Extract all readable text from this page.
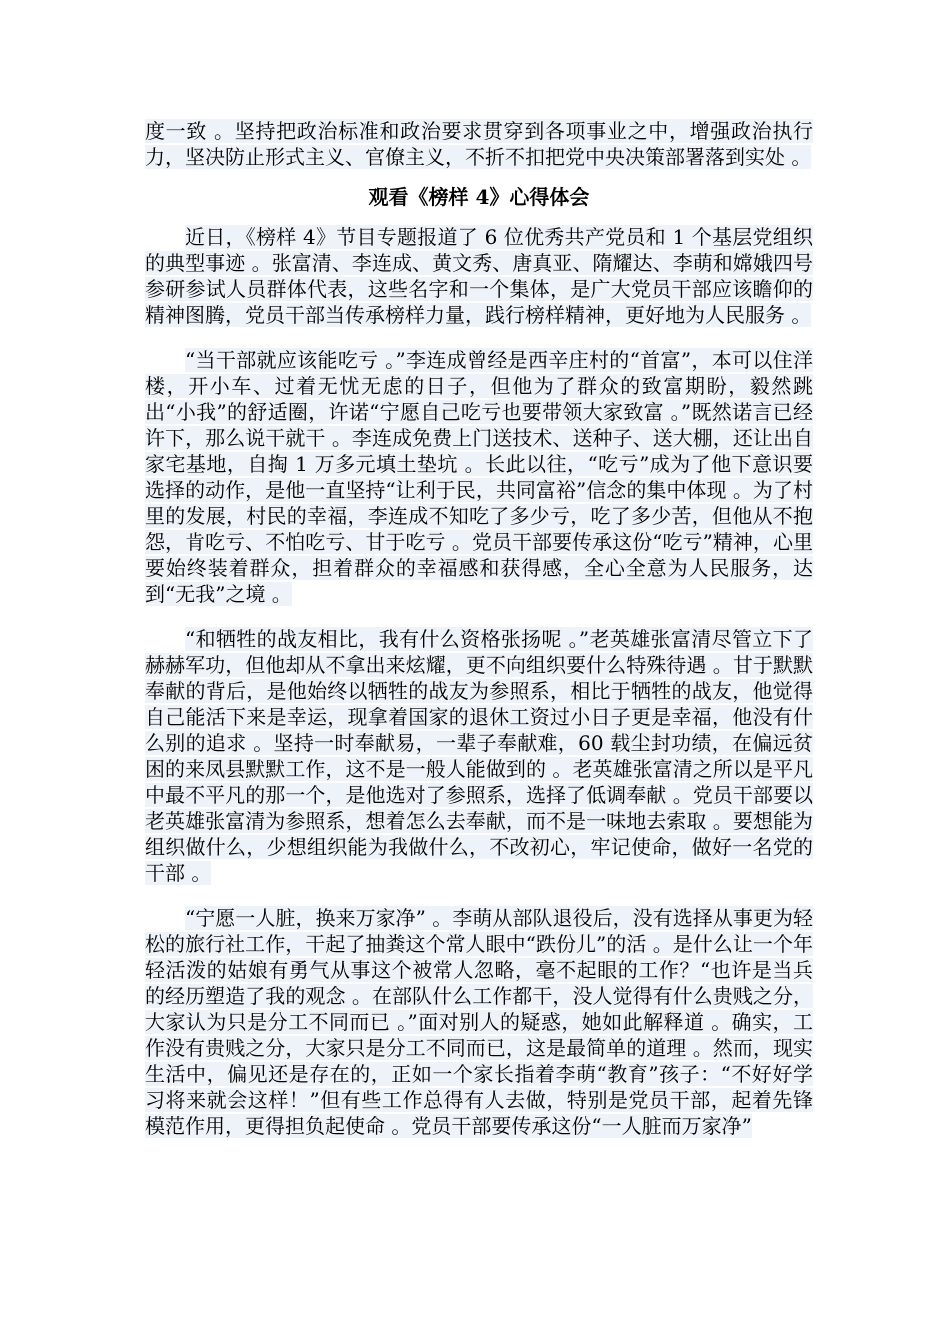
度一致 。坚持把政治标准和政治要求贯穿到各项事业之中，增强政治执行力，坚决防止形式主义、官僚主义，不折不扣把党中央决策部署落到实处 。

观看《榜样 4》心得体会

近日，《榜样 4》节目专题报道了 6 位优秀共产党员和 1 个基层党组织的典型事迹 。张富清、李连成、黄文秀、唐真亚、隋耀达、李萌和嫦娥四号参研参试人员群体代表，这些名字和一个集体，是广大党员干部应该瞻仰的精神图腾，党员干部当传承榜样力量，践行榜样精神，更好地为人民服务 。

“当干部就应该能吃亏 。”李连成曾经是西辛庄村的“首富”，本可以住洋楼，开小车、过着无忧无虑的日子，但他为了群众的致富期盼，毅然跳出“小我”的舒适圈，许诺“宁愿自己吃亏也要带领大家致富 。”既然诺言已经许下，那么说干就干 。李连成免费上门送技术、送种子、送大棚，还让出自家宅基地，自掏 1 万多元填土垫坑 。长此以往，“吃亏”成为了他下意识要选择的动作，是他一直坚持“让利于民，共同富裕”信念的集中体现 。为了村里的发展，村民的幸福，李连成不知吃了多少亏，吃了多少苦，但他从不抱怨，肯吃亏、不怕吃亏、甘于吃亏 。党员干部要传承这份“吃亏”精神，心里要始终装着群众，担着群众的幸福感和获得感，全心全意为人民服务，达到“无我”之境 。

“和牺牲的战友相比，我有什么资格张扬呢 。”老英雄张富清尽管立下了赫赫军功，但他却从不拿出来炫耀，更不向组织要什么特殊待遇 。甘于默默奉献的背后，是他始终以牺牲的战友为参照系，相比于牺牲的战友，他觉得自己能活下来是幸运，现拿着国家的退休工资过小日子更是幸福，他没有什么别的追求 。坚持一时奉献易，一辈子奉献难，60 载尘封功绩，在偏远贫困的来凤县默默工作，这不是一般人能做到的 。老英雄张富清之所以是平凡中最不平凡的那一个，是他选对了参照系，选择了低调奉献 。党员干部要以老英雄张富清为参照系，想着怎么去奉献，而不是一味地去索取 。要想能为组织做什么，少想组织能为我做什么，不改初心，牢记使命，做好一名党的干部 。

“宁愿一人脏，换来万家净” 。李萌从部队退役后，没有选择从事更为轻松的旅行社工作，干起了抽粪这个常人眼中“跌份儿”的活 。是什么让一个年轻活泼的姑娘有勇气从事这个被常人忽略，毫不起眼的工作？“也许是当兵的经历塑造了我的观念 。在部队什么工作都干，没人觉得有什么贵贱之分，大家认为只是分工不同而已 。”面对别人的疑惑，她如此解释道 。确实，工作没有贵贱之分，大家只是分工不同而已，这是最简单的道理 。然而，现实生活中，偏见还是存在的，正如一个家长指着李萌“教育”孩子：“不好好学习将来就会这样！”但有些工作总得有人去做，特别是党员干部，起着先锋模范作用，更得担负起使命 。党员干部要传承这份“一人脏而万家净”
